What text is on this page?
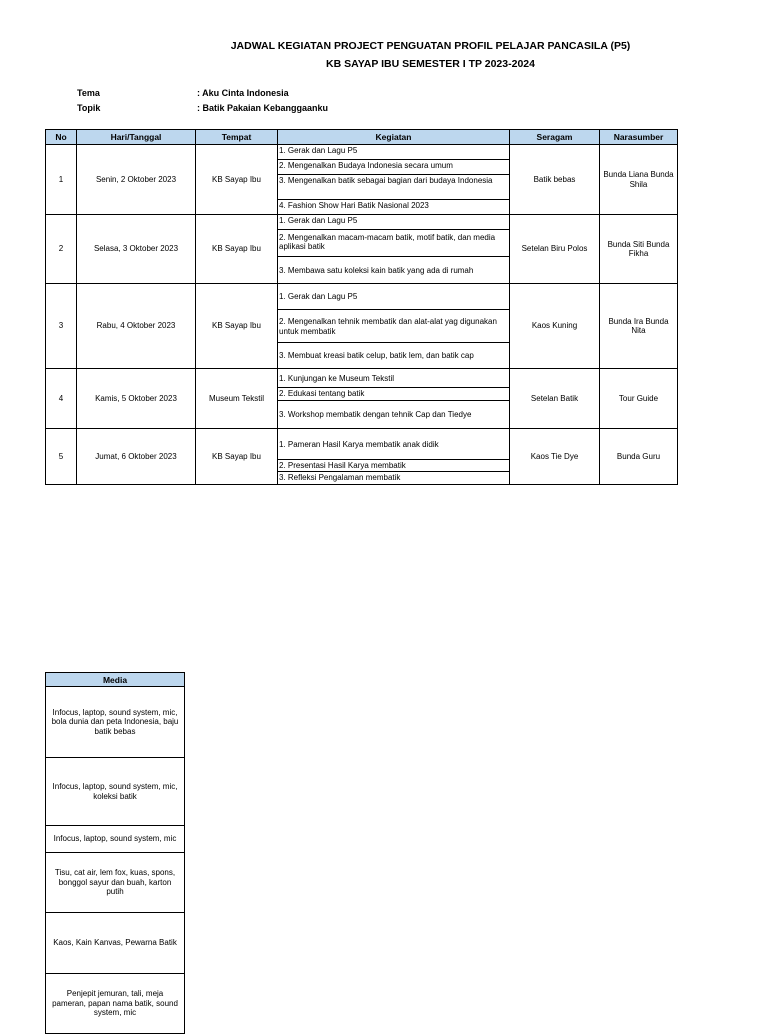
JADWAL KEGIATAN PROJECT PENGUATAN PROFIL PELAJAR PANCASILA (P5)
KB SAYAP IBU SEMESTER I TP 2023-2024
Tema	: Aku Cinta Indonesia
Topik	: Batik Pakaian Kebanggaanku
No	Hari/Tanggal	Tempat	Kegiatan	Seragam	Narasumber
1	Senin, 2 Oktober 2023	KB Sayap Ibu	1. Gerak dan Lagu P5	Batik bebas	Bunda Liana Bunda Shila
			2. Mengenalkan Budaya Indonesia secara umum		
			3. Mengenalkan batik sebagai bagian dari budaya Indonesia		
			4. Fashion Show Hari Batik Nasional 2023		
2	Selasa, 3 Oktober 2023	KB Sayap Ibu	1. Gerak dan Lagu P5	Setelan Biru Polos	Bunda Siti Bunda Fikha
			2. Mengenalkan macam-macam batik, motif batik, dan media aplikasi batik		
			3. Membawa satu koleksi kain batik yang ada di rumah		
3	Rabu, 4 Oktober 2023	KB Sayap Ibu	1. Gerak dan Lagu P5	Kaos Kuning	Bunda Ira Bunda Nita
			2. Mengenalkan tehnik membatik dan alat-alat yag digunakan untuk membatik		
			3. Membuat kreasi batik celup, batik lem, dan batik cap		
4	Kamis, 5 Oktober 2023	Museum Tekstil	1. Kunjungan ke Museum Tekstil	Setelan Batik	Tour Guide
			2. Edukasi tentang batik		
			3. Workshop membatik dengan tehnik Cap dan Tiedye		
5	Jumat, 6 Oktober 2023	KB Sayap Ibu	1. Pameran Hasil Karya membatik anak didik	Kaos Tie Dye	Bunda Guru
			2. Presentasi Hasil Karya membatik		
			3. Refleksi Pengalaman membatik		
Media
Infocus, laptop, sound system, mic, bola dunia dan peta Indonesia, baju batik bebas
Infocus, laptop, sound system, mic, koleksi batik
Infocus, laptop, sound system, mic
Tisu, cat air, lem fox, kuas, spons, bonggol sayur dan buah, karton putih
Kaos, Kain Kanvas, Pewarna Batik
Penjepit jemuran, tali, meja pameran, papan nama batik, sound system, mic
